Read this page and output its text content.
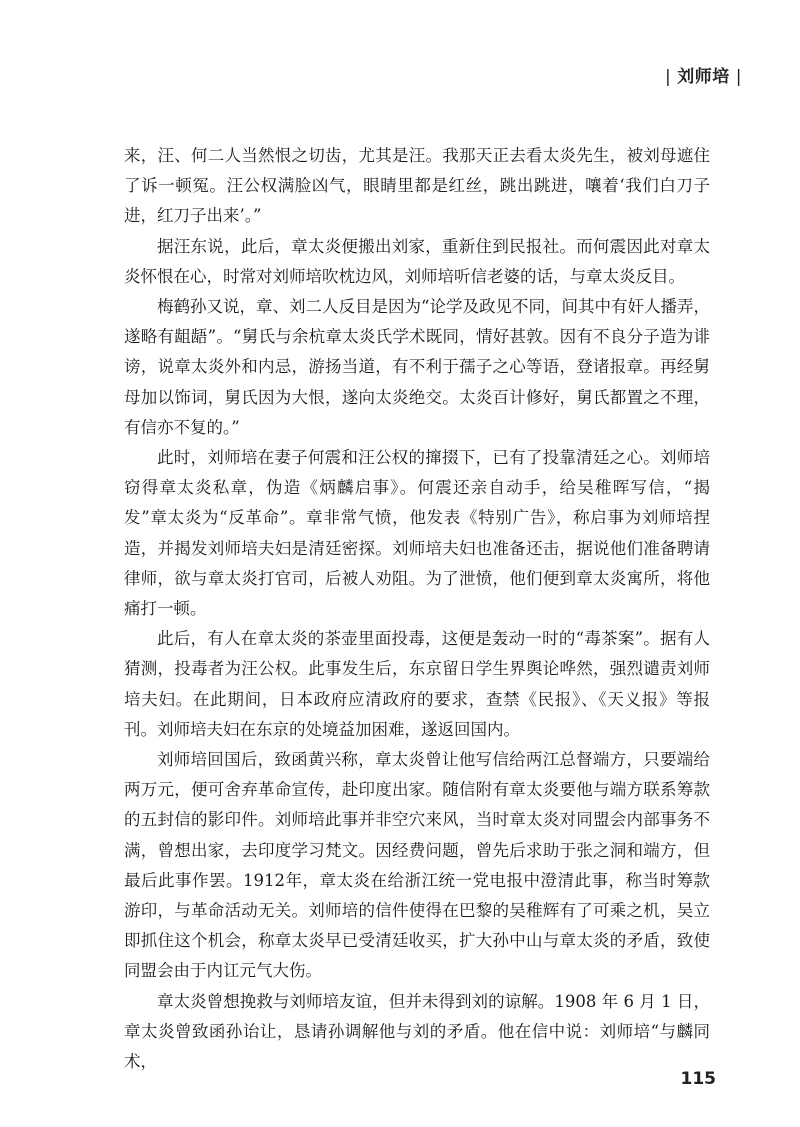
| 刘师培 |

来，汪、何二人当然恨之切齿，尤其是汪。我那天正去看太炎先生，被刘母遮住了诉一顿冤。汪公权满脸凶气，眼睛里都是红丝，跳出跳进，嚷着‘我们白刀子进，红刀子出来’。”

据汪东说，此后，章太炎便搬出刘家，重新住到民报社。而何震因此对章太炎怀恨在心，时常对刘师培吹枕边风，刘师培听信老婆的话，与章太炎反目。

梅鹤孙又说，章、刘二人反目是因为“论学及政见不同，间其中有奸人播弄，遂略有龃龉”。“舅氏与余杭章太炎氏学术既同，情好甚敦。因有不良分子造为诽谤，说章太炎外和内忌，游扬当道，有不利于孺子之心等语，登诸报章。再经舅母加以饰词，舅氏因为大恨，遂向太炎绝交。太炎百计修好，舅氏都置之不理，有信亦不复的。”

此时，刘师培在妻子何震和汪公权的撺掇下，已有了投靠清廷之心。刘师培窃得章太炎私章，伪造《炳麟启事》。何震还亲自动手，给吴稚晖写信，“揭发”章太炎为“反革命”。章非常气愤，他发表《特别广告》，称启事为刘师培捏造，并揭发刘师培夫妇是清廷密探。刘师培夫妇也准备还击，据说他们准备聘请律师，欲与章太炎打官司，后被人劝阻。为了泄愤，他们便到章太炎寓所，将他痛打一顿。

此后，有人在章太炎的茶壶里面投毒，这便是轰动一时的“毒茶案”。据有人猜测，投毒者为汪公权。此事发生后，东京留日学生界舆论哗然，强烈谴责刘师培夫妇。在此期间，日本政府应清政府的要求，查禁《民报》、《天义报》等报刊。刘师培夫妇在东京的处境益加困难，遂返回国内。

刘师培回国后，致函黄兴称，章太炎曾让他写信给两江总督端方，只要端给两万元，便可舍弃革命宣传，赴印度出家。随信附有章太炎要他与端方联系筹款的五封信的影印件。刘师培此事并非空穴来风，当时章太炎对同盟会内部事务不满，曾想出家，去印度学习梵文。因经费问题，曾先后求助于张之洞和端方，但最后此事作罢。1912年，章太炎在给浙江统一党电报中澄清此事，称当时筹款游印，与革命活动无关。刘师培的信件使得在巴黎的吴稚辉有了可乘之机，吴立即抓住这个机会，称章太炎早已受清廷收买，扩大孙中山与章太炎的矛盾，致使同盟会由于内讧元气大伤。

章太炎曾想挽救与刘师培友谊，但并未得到刘的谅解。1908 年 6 月 1 日，章太炎曾致函孙诒让，恳请孙调解他与刘的矛盾。他在信中说：刘师培“与麟同术，

115
